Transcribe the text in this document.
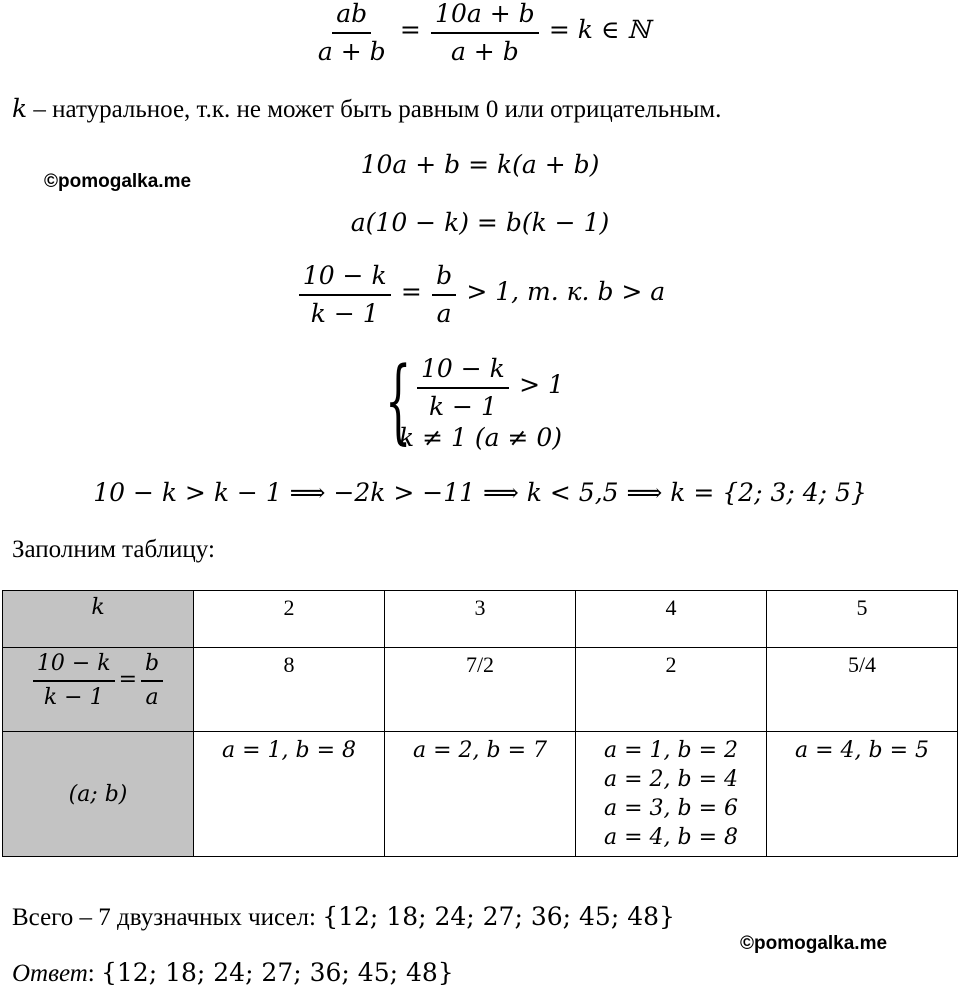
$\frac{\overline{ab}}{a + b} = \frac{10a + b}{a + b} = k$ ∈ ℕ
k – натуральное, т.к. не может быть равным 0 или отрицательным.
©pomogalka.me
10a + b = k(a + b)
a(10 − k) = b(k − 1)
$\frac{10 - k}{k - 1} = \frac{b}{a} > 1$, т. к. b > a
{ $\frac{10 - k}{k - 1} > 1$
k ≠ 1 (a ≠ 0)
10 − k > k − 1 ⟹ −2k > −11 ⟹ k < 5,5 ⟹ k = {2; 3; 4; 5}
Заполним таблицу:
k	2	3	4	5

$\frac{10 - k}{k - 1} = \frac{b}{a}$	8	7/2	2	5/4
(a; b)	a = 1, b = 8	a = 2, b = 7	a = 1, b = 2
a = 2, b = 4
a = 3, b = 6
a = 4, b = 8	a = 4, b = 5
Всего – 7 двузначных чисел: {12; 18; 24; 27; 36; 45; 48}
©pomogalka.me
Ответ: {12; 18; 24; 27; 36; 45; 48}
